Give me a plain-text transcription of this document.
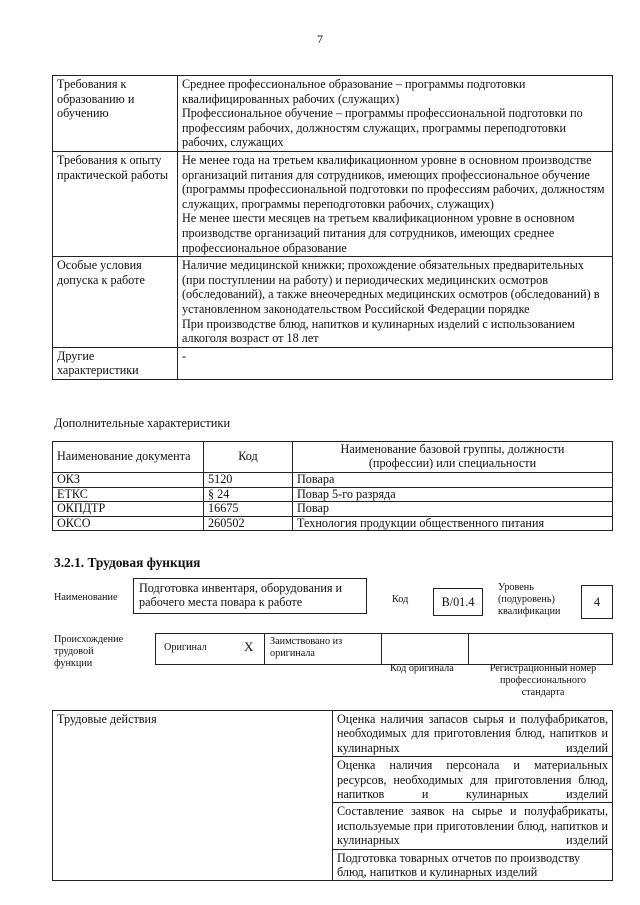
7
Требования к образованию и обучению	Среднее профессиональное образование – программы подготовки квалифицированных рабочих (служащих)
Профессиональное обучение – программы профессиональной подготовки по профессиям рабочих, должностям служащих, программы переподготовки рабочих, служащих

Требования к опыту практической работы	Не менее года на третьем квалификационном уровне в основном производстве организаций питания для сотрудников, имеющих профессиональное обучение (программы профессиональной подготовки по профессиям рабочих, должностям служащих, программы переподготовки рабочих, служащих)
Не менее шести месяцев на третьем квалификационном уровне в основном производстве организаций питания для сотрудников, имеющих среднее профессиональное образование

Особые условия допуска к работе	Наличие медицинской книжки; прохождение обязательных предварительных (при поступлении на работу) и периодических медицинских осмотров (обследований), а также внеочередных медицинских осмотров (обследований) в установленном законодательством Российской Федерации порядке
При производстве блюд, напитков и кулинарных изделий с использованием алкоголя возраст от 18 лет

Другие характеристики	-
Дополнительные характеристики
Наименование документа	Код	Наименование базовой группы, должности (профессии) или специальности
ОКЗ	5120	Повара
ЕТКС	§ 24	Повар 5-го разряда
ОКПДТР	16675	Повар
ОКСО	260502	Технология продукции общественного питания
3.2.1. Трудовая функция
Наименование
Подготовка инвентаря, оборудования и рабочего места повара к работе	Код	B/01.4
Уровень (подуровень) квалификации
4
Происхождение трудовой функции
Оригинал	X Заимствовано из оригинала
Код оригинала	Регистрационный номер профессионального стандарта
Трудовые действия	Оценка наличия запасов сырья и полуфабрикатов, необходимых для приготовления блюд, напитков и кулинарных изделий
Оценка наличия персонала и материальных ресурсов, необходимых для приготовления блюд, напитков и кулинарных изделий
Составление заявок на сырье и полуфабрикаты, используемые при приготовлении блюд, напитков и кулинарных изделий
Подготовка товарных отчетов по производству блюд, напитков и кулинарных изделий
